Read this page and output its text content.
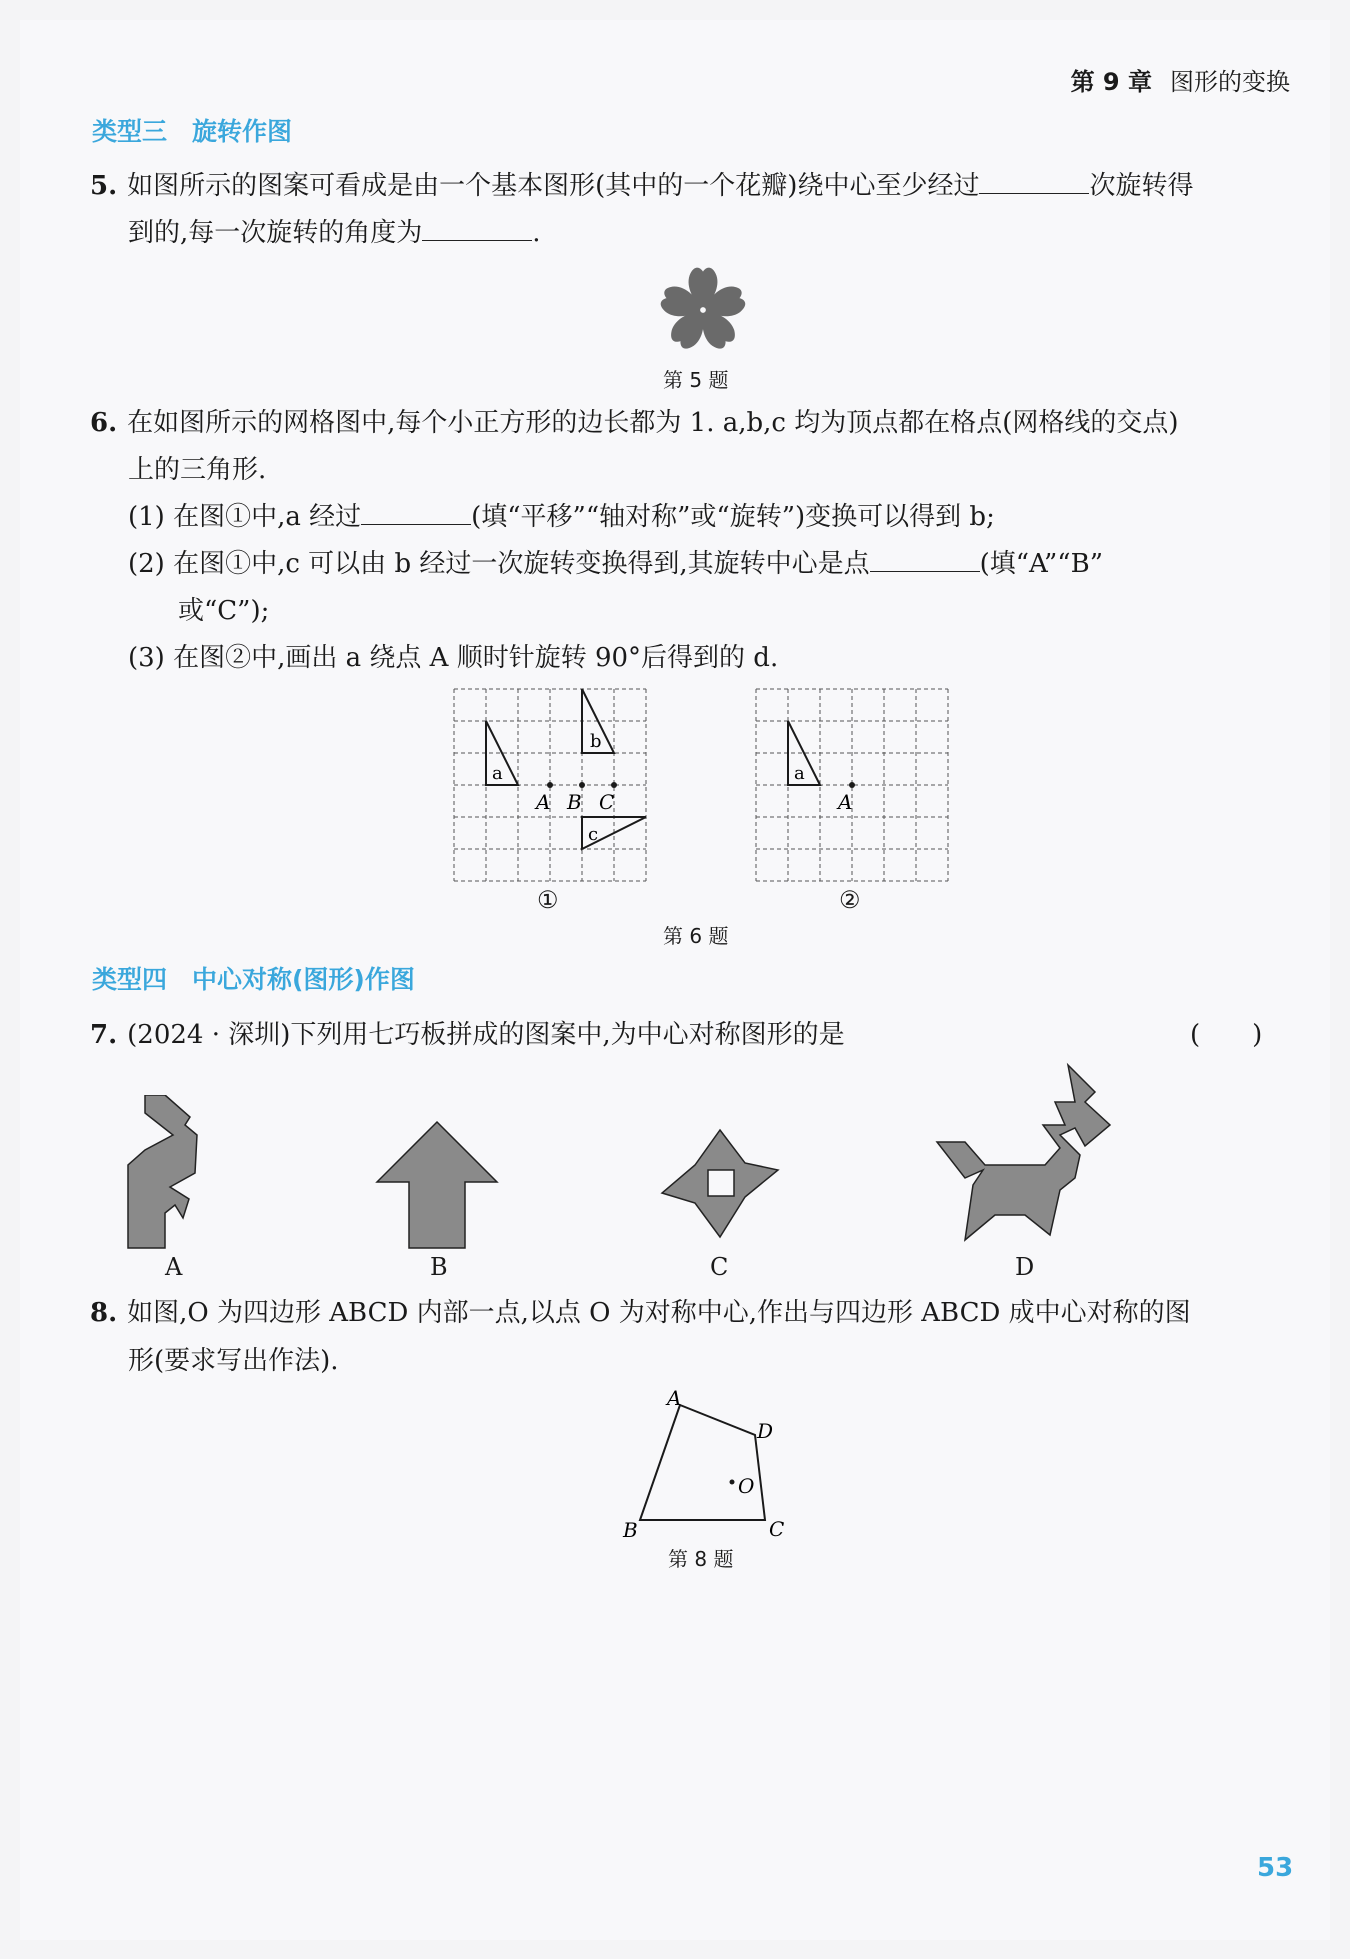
第 9 章 图形的变换
类型三　旋转作图
5. 如图所示的图案可看成是由一个基本图形(其中的一个花瓣)绕中心至少经过	次旋转得
到的,每一次旋转的角度为	.
第 5 题
6. 在如图所示的网格图中,每个小正方形的边长都为 1. a,b,c 均为顶点都在格点(网格线的交点)
上的三角形.
(1) 在图①中,a 经过	(填“平移”“轴对称”或“旋转”)变换可以得到 b;
(2) 在图①中,c 可以由 b 经过一次旋转变换得到,其旋转中心是点	(填“A”“B”
或“C”);
(3) 在图②中,画出 a 绕点 A 顺时针旋转 90°后得到的 d.
a
b
c
A B C
①
a
A
②
第 6 题
类型四　中心对称(图形)作图
7. (2024 · 深圳)下列用七巧板拼成的图案中,为中心对称图形的是	(　　)
A	B	C	D
8. 如图,O 为四边形 ABCD 内部一点,以点 O 为对称中心,作出与四边形 ABCD 成中心对称的图
形(要求写出作法).
A
D
O
B	C
第 8 题
53
